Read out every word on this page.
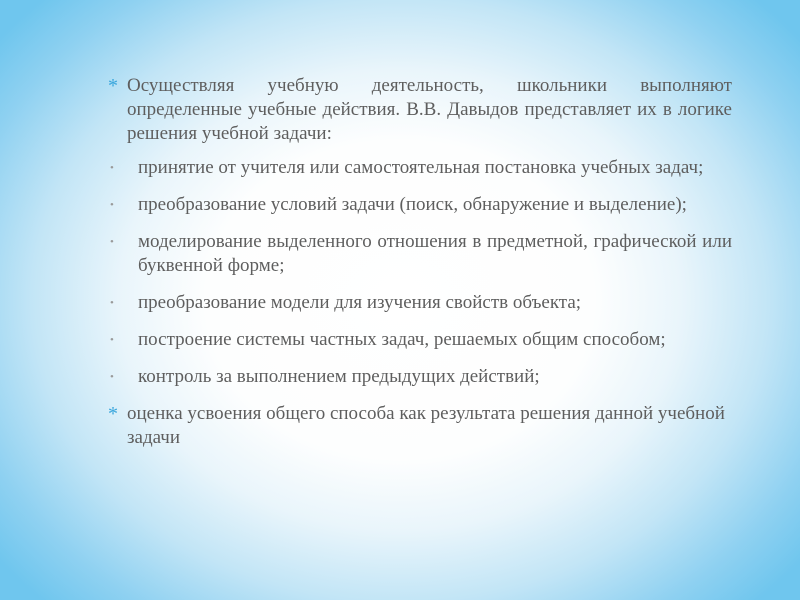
* Осуществляя учебную деятельность, школьники выполняют определенные учебные действия. В.В. Давыдов представляет их в логике решения учебной задачи:
• принятие от учителя или самостоятельная постановка учебных задач;
• преобразование условий задачи (поиск, обнаружение и выделение);
• моделирование выделенного отношения в предметной, графической или буквенной форме;
• преобразование модели для изучения свойств объекта;
• построение системы частных задач, решаемых общим способом;
• контроль за выполнением предыдущих действий;
* оценка усвоения общего способа как результата решения данной учебной задачи
